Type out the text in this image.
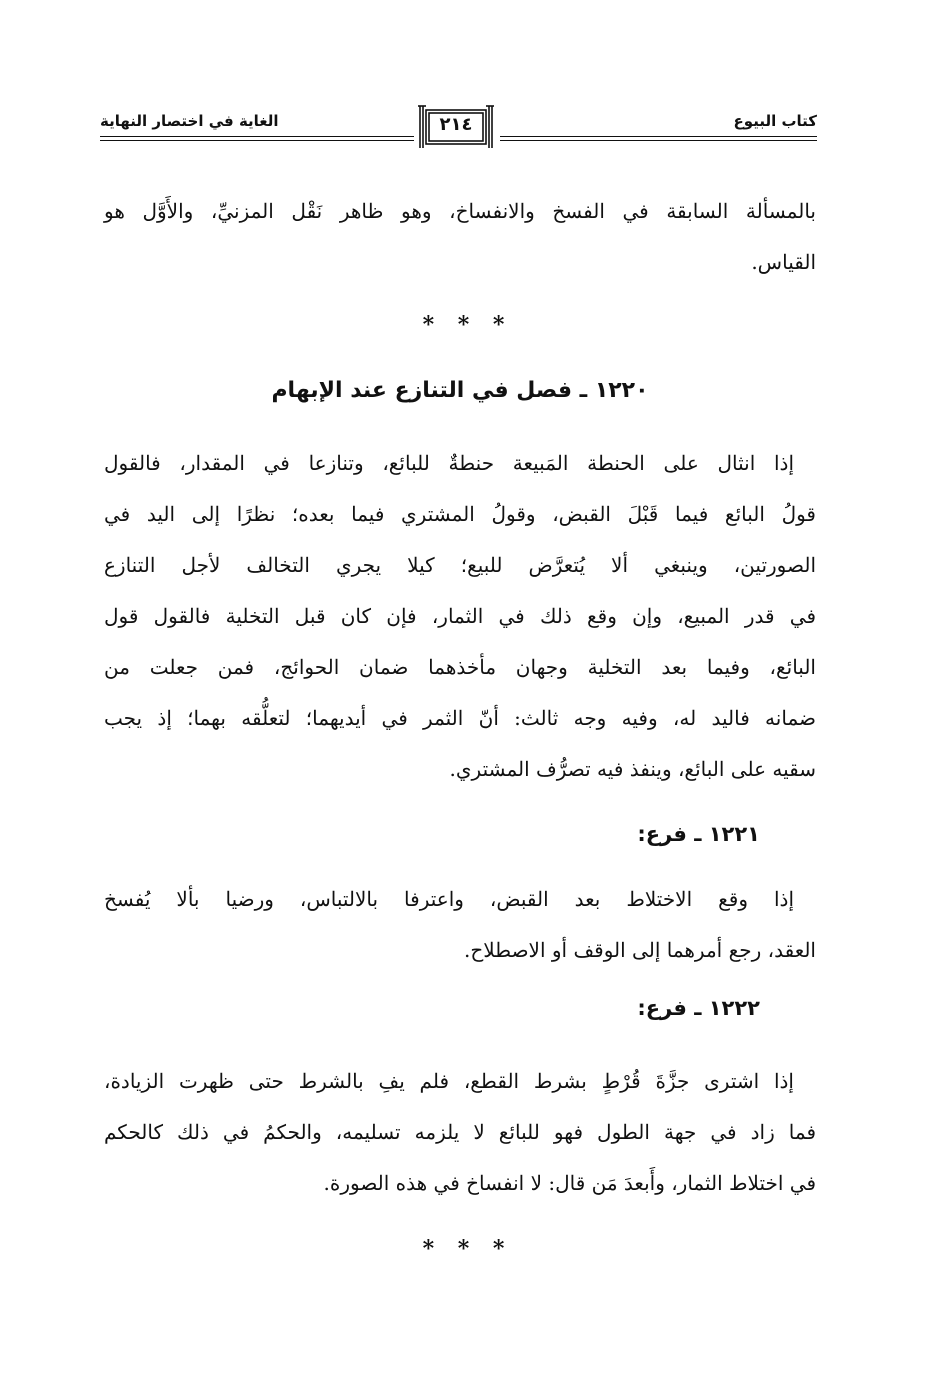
كتاب البيوع
الغاية في اختصار النهاية	٢١٤
بالمسألة السابقة في الفسخ والانفساخ، وهو ظاهر نَقْل المزنيِّ، والأَوَّل هو
القياس.
* * *
١٢٢٠ ـ فصل في التنازع عند الإبهام
إذا انثال على الحنطة المَبيعة حنطةٌ للبائع، وتنازعا في المقدار، فالقول
قولُ البائع فيما قَبْلَ القبض، وقولُ المشتري فيما بعده؛ نظرًا إلى اليد في
الصورتين، وينبغي ألا يُتعرَّض للبيع؛ كيلا يجري التخالف لأجل التنازع
في قدر المبيع، وإن وقع ذلك في الثمار، فإن كان قبل التخلية فالقول قول
البائع، وفيما بعد التخلية وجهان مأخذهما ضمان الحوائج، فمن جعلت من
ضمانه فاليد له، وفيه وجه ثالث: أنّ الثمر في أيديهما؛ لتعلُّقه بهما؛ إذ يجب
سقيه على البائع، وينفذ فيه تصرُّف المشتري.
١٢٢١ ـ فرع:
إذا وقع الاختلاط بعد القبض، واعترفا بالالتباس، ورضيا بألا يُفسخ
العقد، رجع أمرهما إلى الوقف أو الاصطلاح.
١٢٢٢ ـ فرع:
إذا اشترى جزَّةَ قُرْطٍ بشرط القطع، فلم يفِ بالشرط حتى ظهرت الزيادة،
فما زاد في جهة الطول فهو للبائع لا يلزمه تسليمه، والحكمُ في ذلك كالحكم
في اختلاط الثمار، وأَبعدَ مَن قال: لا انفساخ في هذه الصورة.
* * *
